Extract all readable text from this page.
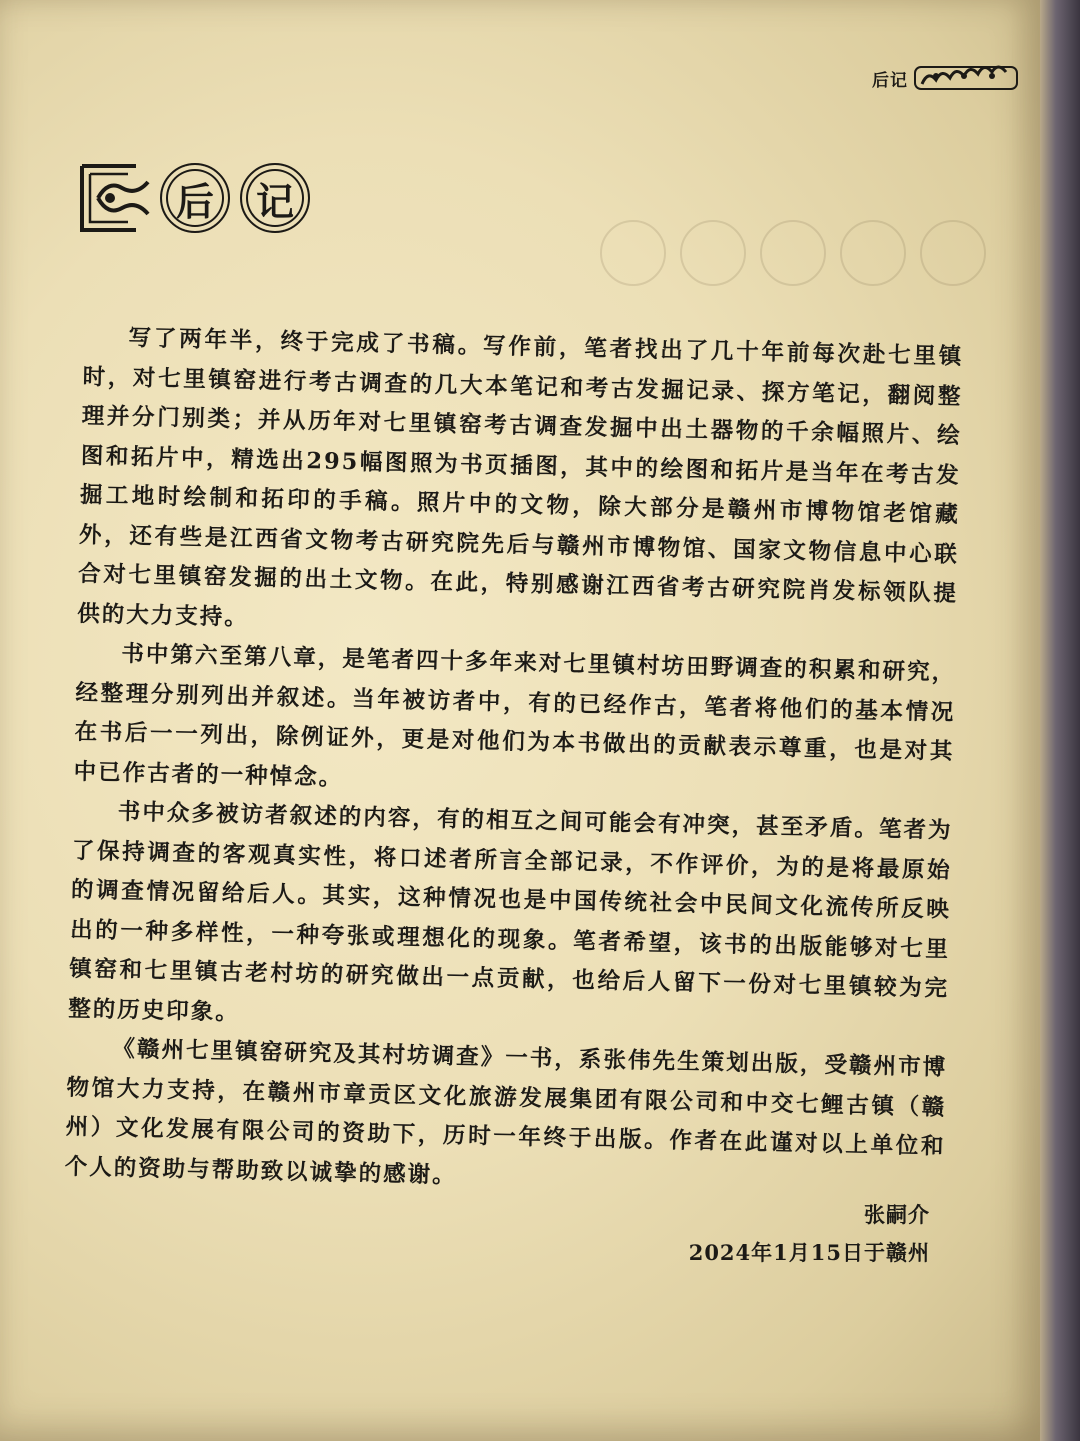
后记
后	记

写了两年半，终于完成了书稿。写作前，笔者找出了几十年前每次赴七里镇时，对七里镇窑进行考古调查的几大本笔记和考古发掘记录、探方笔记，翻阅整理并分门别类；并从历年对七里镇窑考古调查发掘中出土器物的千余幅照片、绘图和拓片中，精选出295幅图照为书页插图，其中的绘图和拓片是当年在考古发掘工地时绘制和拓印的手稿。照片中的文物，除大部分是赣州市博物馆老馆藏外，还有些是江西省文物考古研究院先后与赣州市博物馆、国家文物信息中心联合对七里镇窑发掘的出土文物。在此，特别感谢江西省考古研究院肖发标领队提供的大力支持。

书中第六至第八章，是笔者四十多年来对七里镇村坊田野调查的积累和研究，经整理分别列出并叙述。当年被访者中，有的已经作古，笔者将他们的基本情况在书后一一列出，除例证外，更是对他们为本书做出的贡献表示尊重，也是对其中已作古者的一种悼念。

书中众多被访者叙述的内容，有的相互之间可能会有冲突，甚至矛盾。笔者为了保持调查的客观真实性，将口述者所言全部记录，不作评价，为的是将最原始的调查情况留给后人。其实，这种情况也是中国传统社会中民间文化流传所反映出的一种多样性，一种夸张或理想化的现象。笔者希望，该书的出版能够对七里镇窑和七里镇古老村坊的研究做出一点贡献，也给后人留下一份对七里镇较为完整的历史印象。

《赣州七里镇窑研究及其村坊调查》一书，系张伟先生策划出版，受赣州市博物馆大力支持，在赣州市章贡区文化旅游发展集团有限公司和中交七鲤古镇（赣州）文化发展有限公司的资助下，历时一年终于出版。作者在此谨对以上单位和个人的资助与帮助致以诚挚的感谢。

张嗣介
2024年1月15日于赣州
